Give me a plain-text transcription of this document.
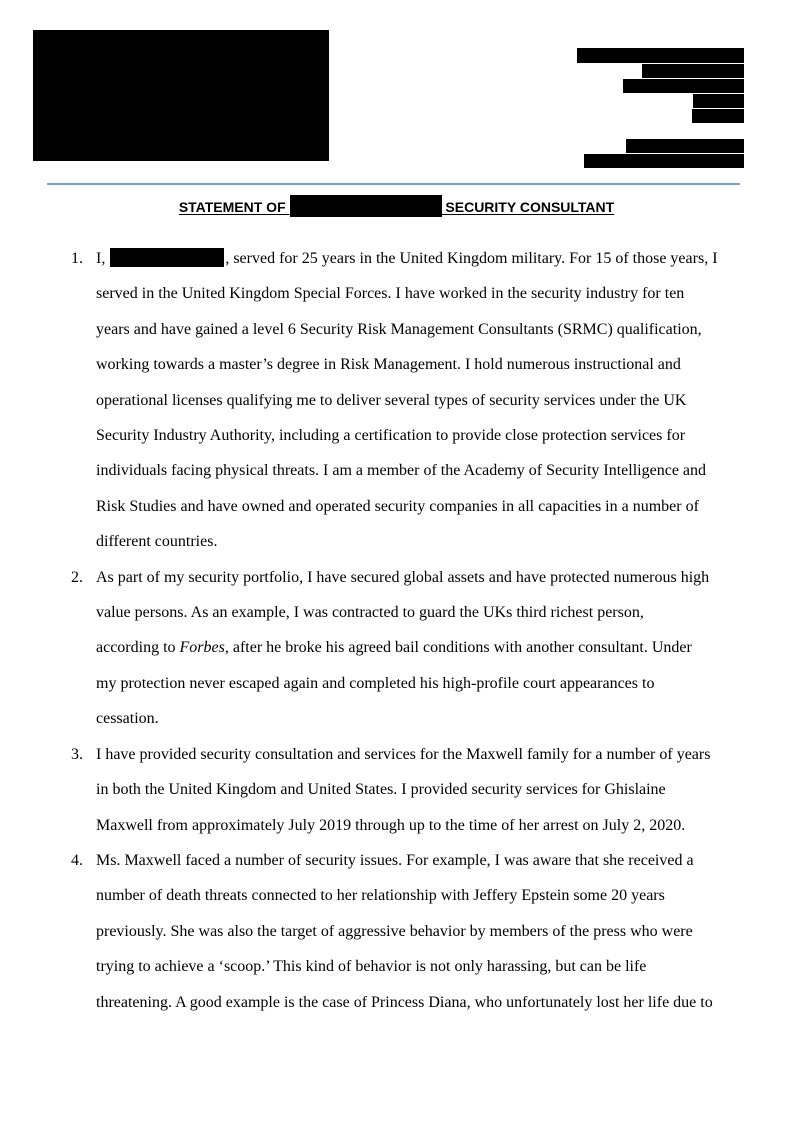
STATEMENT OF	SECURITY CONSULTANT
1. I,	, served for 25 years in the United Kingdom military. For 15 of those years, I
served in the United Kingdom Special Forces. I have worked in the security industry for ten
years and have gained a level 6 Security Risk Management Consultants (SRMC) qualification,
working towards a master’s degree in Risk Management. I hold numerous instructional and
operational licenses qualifying me to deliver several types of security services under the UK
Security Industry Authority, including a certification to provide close protection services for
individuals facing physical threats. I am a member of the Academy of Security Intelligence and
Risk Studies and have owned and operated security companies in all capacities in a number of
different countries.
2. As part of my security portfolio, I have secured global assets and have protected numerous high
value persons. As an example, I was contracted to guard the UKs third richest person,
according to Forbes, after he broke his agreed bail conditions with another consultant. Under
my protection never escaped again and completed his high-profile court appearances to
cessation.
3. I have provided security consultation and services for the Maxwell family for a number of years
in both the United Kingdom and United States. I provided security services for Ghislaine
Maxwell from approximately July 2019 through up to the time of her arrest on July 2, 2020.
4. Ms. Maxwell faced a number of security issues. For example, I was aware that she received a
number of death threats connected to her relationship with Jeffery Epstein some 20 years
previously. She was also the target of aggressive behavior by members of the press who were
trying to achieve a ‘scoop.’ This kind of behavior is not only harassing, but can be life
threatening. A good example is the case of Princess Diana, who unfortunately lost her life due to
